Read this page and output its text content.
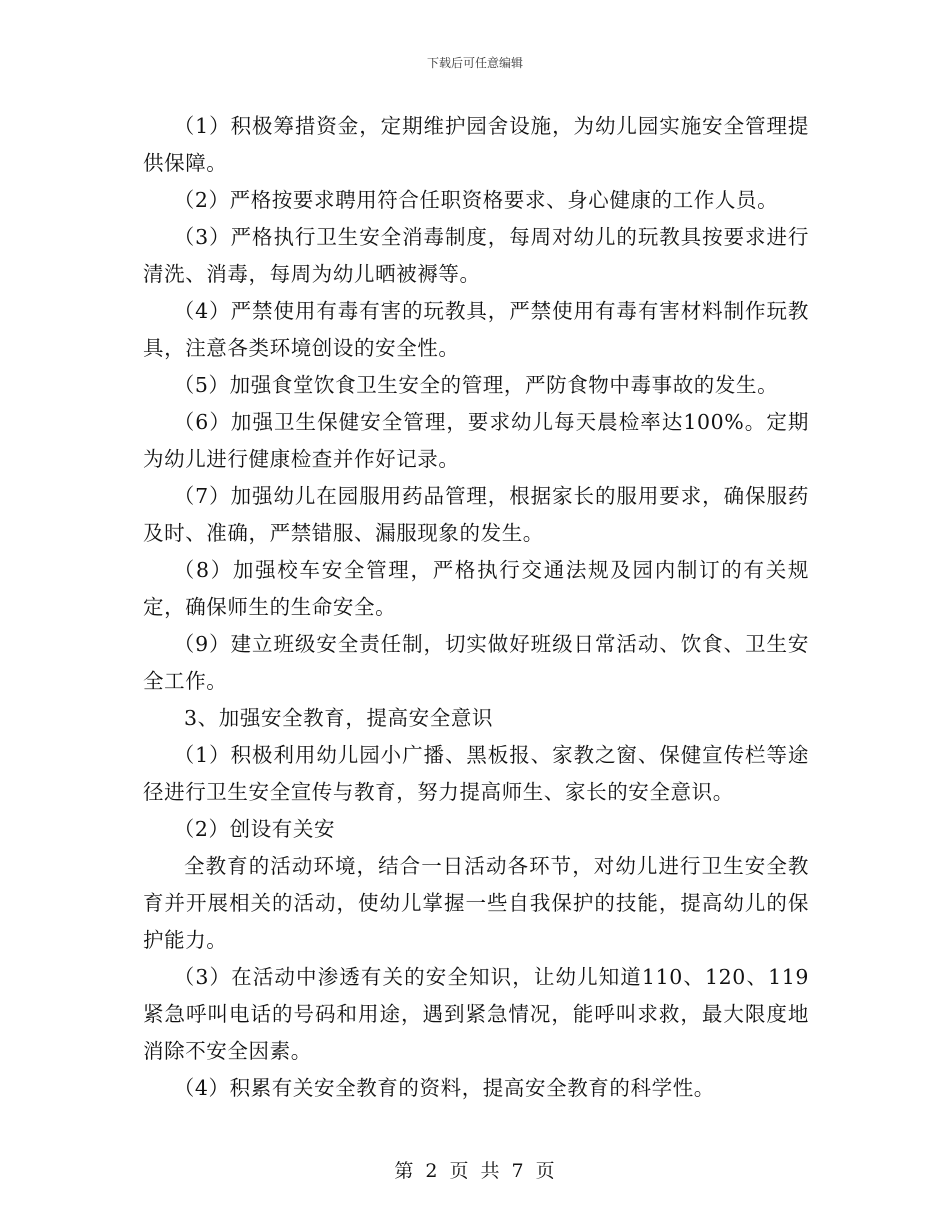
下载后可任意编辑

（1）积极筹措资金，定期维护园舍设施，为幼儿园实施安全管理提供保障。

（2）严格按要求聘用符合任职资格要求、身心健康的工作人员。

（3）严格执行卫生安全消毒制度，每周对幼儿的玩教具按要求进行清洗、消毒，每周为幼儿晒被褥等。

（4）严禁使用有毒有害的玩教具，严禁使用有毒有害材料制作玩教具，注意各类环境创设的安全性。

（5）加强食堂饮食卫生安全的管理，严防食物中毒事故的发生。

（6）加强卫生保健安全管理，要求幼儿每天晨检率达100%。定期为幼儿进行健康检查并作好记录。

（7）加强幼儿在园服用药品管理，根据家长的服用要求，确保服药及时、准确，严禁错服、漏服现象的发生。

（8）加强校车安全管理，严格执行交通法规及园内制订的有关规定，确保师生的生命安全。

（9）建立班级安全责任制，切实做好班级日常活动、饮食、卫生安全工作。

3、加强安全教育，提高安全意识

（1）积极利用幼儿园小广播、黑板报、家教之窗、保健宣传栏等途径进行卫生安全宣传与教育，努力提高师生、家长的安全意识。

（2）创设有关安

全教育的活动环境，结合一日活动各环节，对幼儿进行卫生安全教育并开展相关的活动，使幼儿掌握一些自我保护的技能，提高幼儿的保护能力。

（3）在活动中渗透有关的安全知识，让幼儿知道110、120、119紧急呼叫电话的号码和用途，遇到紧急情况，能呼叫求救，最大限度地消除不安全因素。

（4）积累有关安全教育的资料，提高安全教育的科学性。

第 2 页 共 7 页
